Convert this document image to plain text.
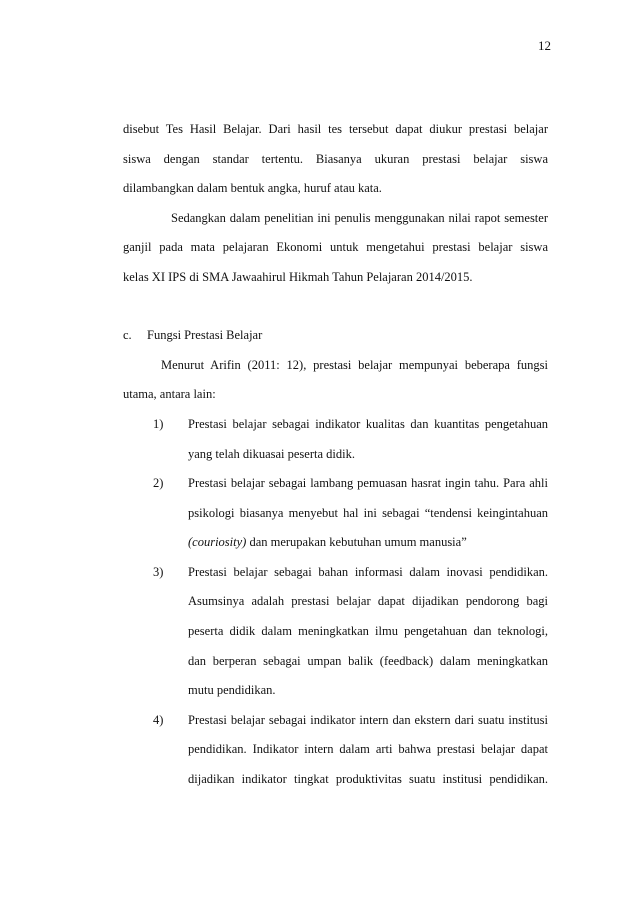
12
disebut Tes Hasil Belajar. Dari hasil tes tersebut dapat diukur prestasi belajar
siswa dengan standar tertentu. Biasanya ukuran prestasi belajar siswa
dilambangkan dalam bentuk angka, huruf atau kata.
Sedangkan dalam penelitian ini penulis menggunakan nilai rapot semester
ganjil pada mata pelajaran Ekonomi untuk mengetahui prestasi belajar siswa
kelas XI IPS di SMA Jawaahirul Hikmah Tahun Pelajaran 2014/2015.
c. Fungsi Prestasi Belajar
Menurut Arifin (2011: 12), prestasi belajar mempunyai beberapa fungsi
utama, antara lain:
1) Prestasi belajar sebagai indikator kualitas dan kuantitas pengetahuan
yang telah dikuasai peserta didik.
2) Prestasi belajar sebagai lambang pemuasan hasrat ingin tahu. Para ahli
psikologi biasanya menyebut hal ini sebagai “tendensi keingintahuan
(couriosity) dan merupakan kebutuhan umum manusia”
3) Prestasi belajar sebagai bahan informasi dalam inovasi pendidikan.
Asumsinya adalah prestasi belajar dapat dijadikan pendorong bagi
peserta didik dalam meningkatkan ilmu pengetahuan dan teknologi,
dan berperan sebagai umpan balik (feedback) dalam meningkatkan
mutu pendidikan.
4) Prestasi belajar sebagai indikator intern dan ekstern dari suatu institusi
pendidikan. Indikator intern dalam arti bahwa prestasi belajar dapat
dijadikan indikator tingkat produktivitas suatu institusi pendidikan.
